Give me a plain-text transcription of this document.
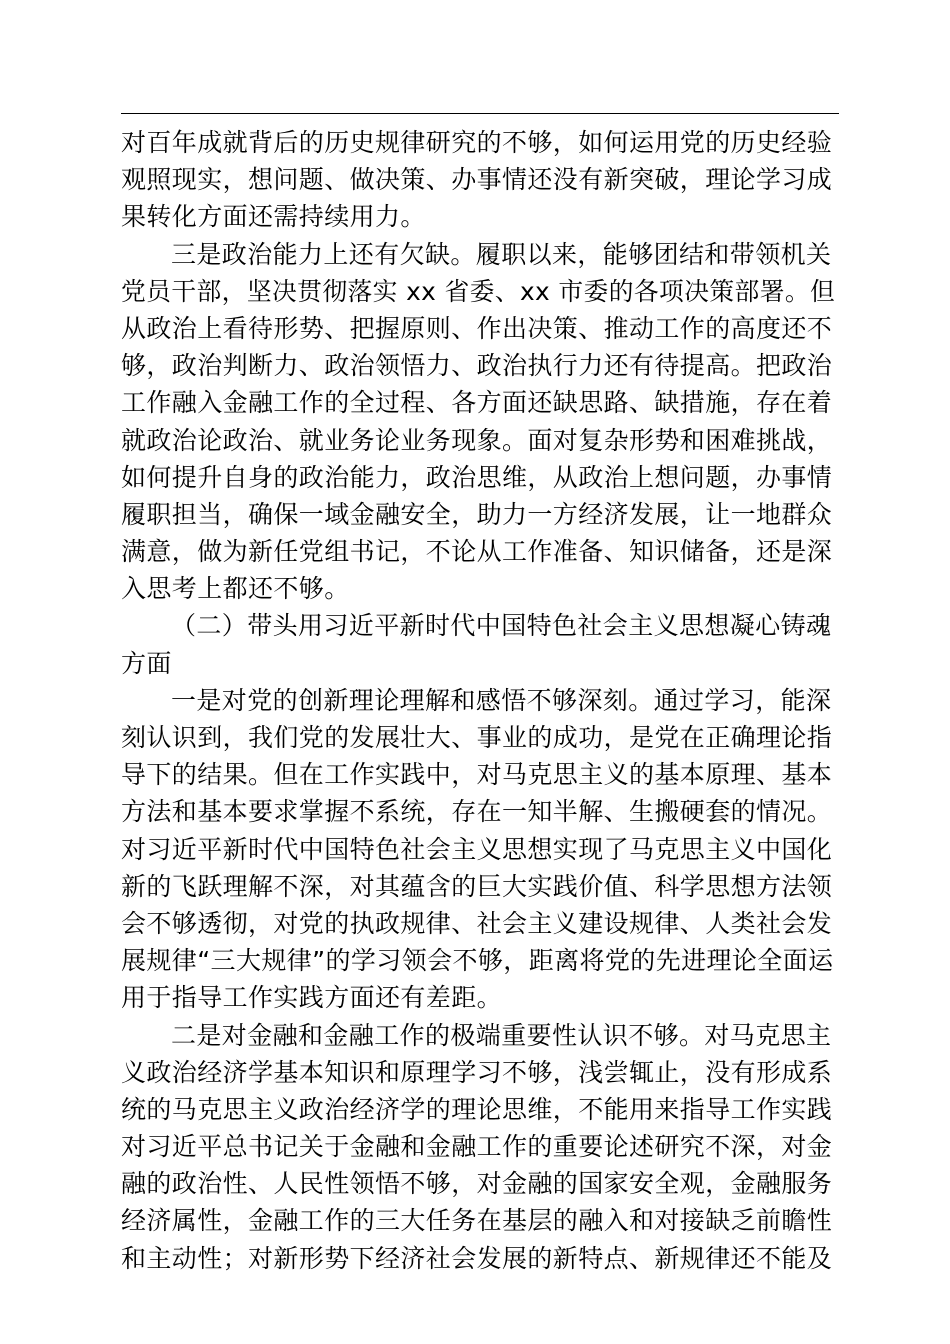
对百年成就背后的历史规律研究的不够，如何运用党的历史经验
观照现实，想问题、做决策、办事情还没有新突破，理论学习成
果转化方面还需持续用力。
三是政治能力上还有欠缺。履职以来，能够团结和带领机关
党员干部，坚决贯彻落实 xx 省委、xx 市委的各项决策部署。但
从政治上看待形势、把握原则、作出决策、推动工作的高度还不
够，政治判断力、政治领悟力、政治执行力还有待提高。把政治
工作融入金融工作的全过程、各方面还缺思路、缺措施，存在着
就政治论政治、就业务论业务现象。面对复杂形势和困难挑战，
如何提升自身的政治能力，政治思维，从政治上想问题，办事情
履职担当，确保一域金融安全，助力一方经济发展，让一地群众
满意，做为新任党组书记，不论从工作准备、知识储备，还是深
入思考上都还不够。
（二）带头用习近平新时代中国特色社会主义思想凝心铸魂
方面
一是对党的创新理论理解和感悟不够深刻。通过学习，能深
刻认识到，我们党的发展壮大、事业的成功，是党在正确理论指
导下的结果。但在工作实践中，对马克思主义的基本原理、基本
方法和基本要求掌握不系统，存在一知半解、生搬硬套的情况。
对习近平新时代中国特色社会主义思想实现了马克思主义中国化
新的飞跃理解不深，对其蕴含的巨大实践价值、科学思想方法领
会不够透彻，对党的执政规律、社会主义建设规律、人类社会发
展规律“三大规律”的学习领会不够，距离将党的先进理论全面运
用于指导工作实践方面还有差距。
二是对金融和金融工作的极端重要性认识不够。对马克思主
义政治经济学基本知识和原理学习不够，浅尝辄止，没有形成系
统的马克思主义政治经济学的理论思维，不能用来指导工作实践
对习近平总书记关于金融和金融工作的重要论述研究不深，对金
融的政治性、人民性领悟不够，对金融的国家安全观，金融服务
经济属性，金融工作的三大任务在基层的融入和对接缺乏前瞻性
和主动性；对新形势下经济社会发展的新特点、新规律还不能及
